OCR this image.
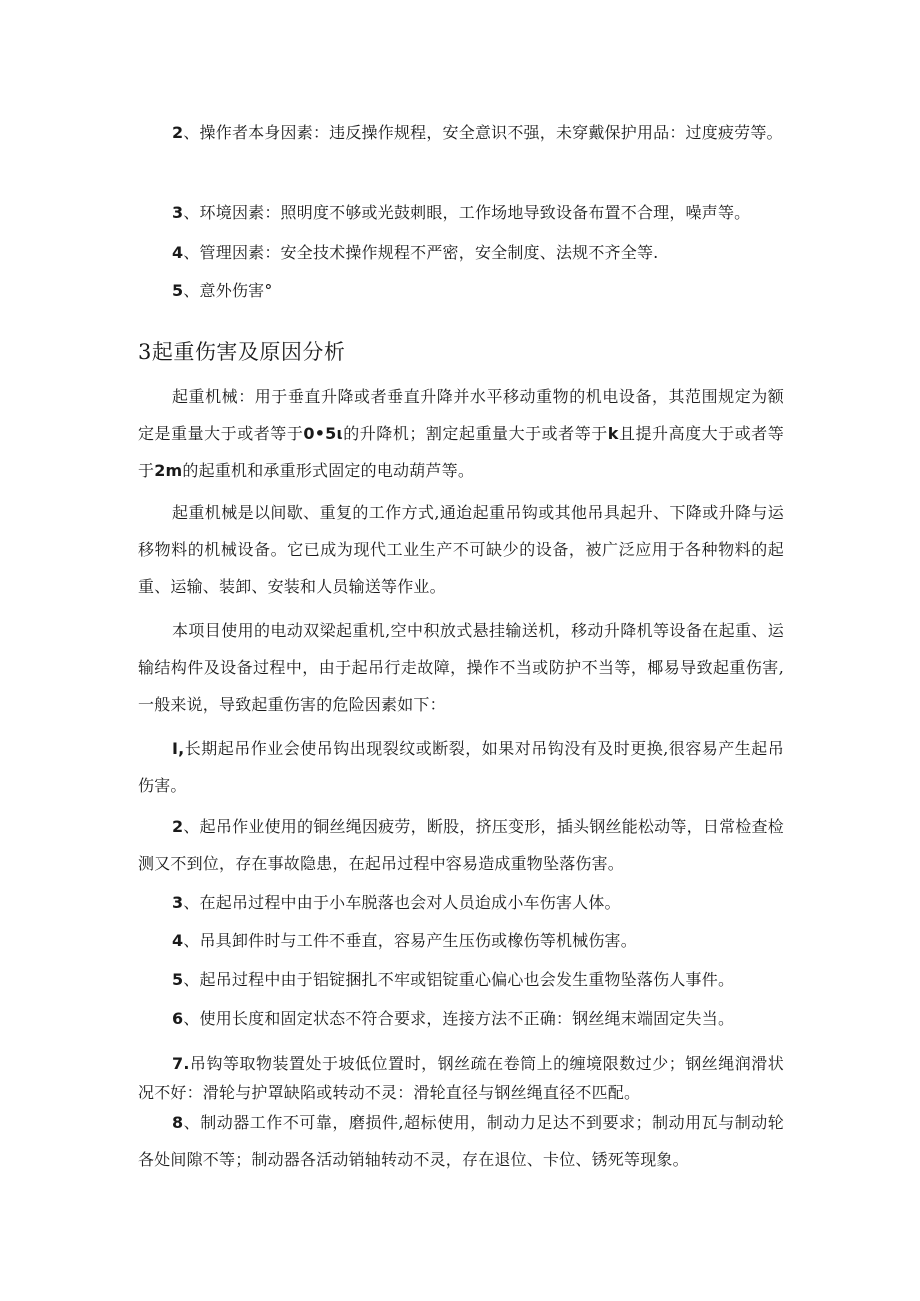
2、操作者本身因素：违反操作规程，安全意识不强，未穿戴保护用品：过度疲劳等。

3、环境因素：照明度不够或光鼓刺眼，工作场地导致设备布置不合理，噪声等。

4、管理因素：安全技术操作规程不严密，安全制度、法规不齐全等.

5、意外伤害°

3起重伤害及原因分析

起重机械：用于垂直升降或者垂直升降并水平移动重物的机电设备，其范围规定为额定是重量大于或者等于0•5ι的升降机；割定起重量大于或者等于k且提升高度大于或者等于2m的起重机和承重形式固定的电动葫芦等。

起重机械是以间歇、重复的工作方式,通迨起重吊钩或其他吊具起升、下降或升降与运移物料的机械设备。它已成为现代工业生产不可缺少的设备，被广泛应用于各种物料的起重、运输、装卸、安装和人员输送等作业。

本项目使用的电动双梁起重机,空中积放式悬挂输送机，移动升降机等设备在起重、运输结构件及设备过程中，由于起吊行走故障，操作不当或防护不当等，椰易导致起重伤害,一般来说，导致起重伤害的危险因素如下：

I,长期起吊作业会使吊钩出现裂纹或断裂，如果对吊钩没有及时更换,很容易产生起吊伤害。

2、起吊作业使用的铜丝绳因疲劳，断股，挤压变形，插头钢丝能松动等，日常检查检测又不到位，存在事故隐患，在起吊过程中容易造成重物坠落伤害。

3、在起吊过程中由于小车脱落也会对人员迨成小车伤害人体。

4、吊具卸件时与工件不垂直，容易产生压伤或橡伤等机械伤害。

5、起吊过程中由于铝锭捆扎不牢或铝锭重心偏心也会发生重物坠落伤人事件。

6、使用长度和固定状态不符合要求，连接方法不正确：钢丝绳末端固定失当。

7.吊钩等取物装置处于坡低位置时，钢丝疏在卷筒上的缠境限数过少；钢丝绳润滑状况不好：滑轮与护罩缺陷或转动不灵：滑轮直径与钢丝绳直径不匹配。

8、制动器工作不可靠，磨损件,超标使用，制动力足达不到要求；制动用瓦与制动轮各处间隙不等；制动器各活动销轴转动不灵，存在退位、卡位、锈死等现象。
